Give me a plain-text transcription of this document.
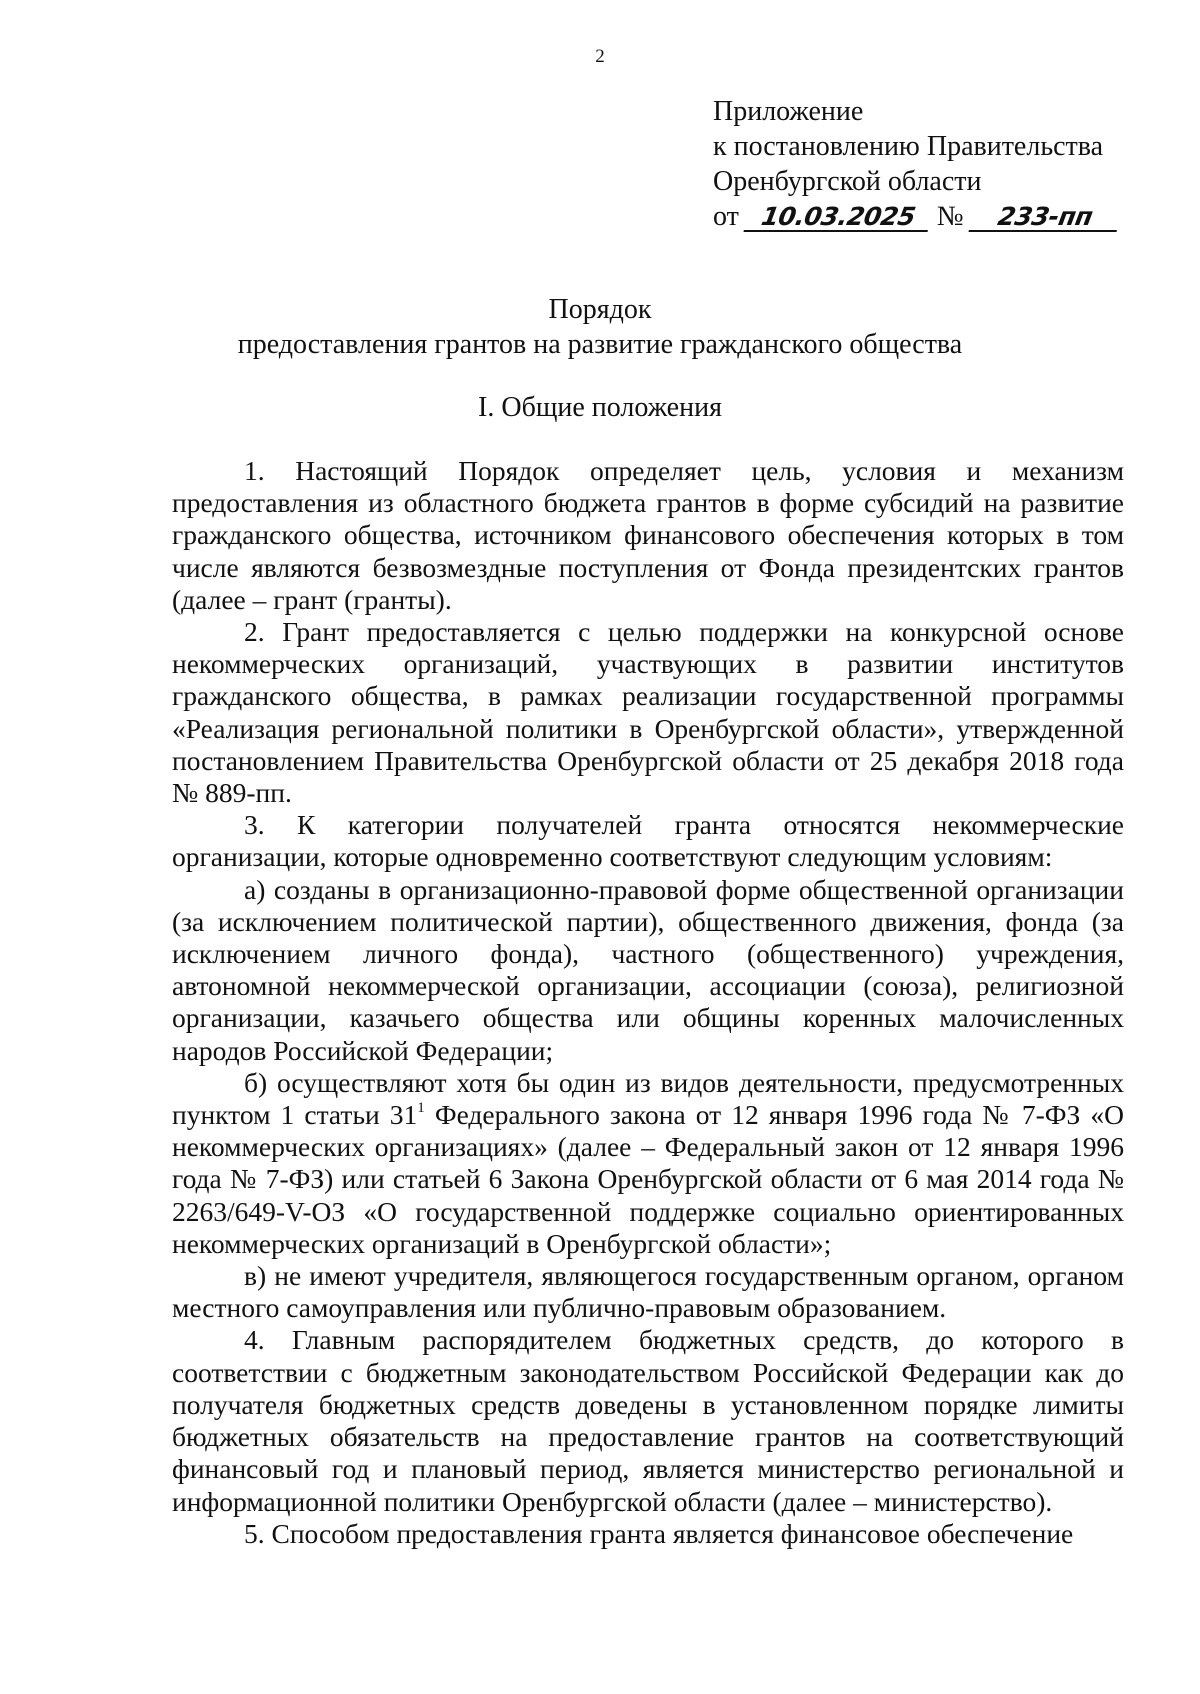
2
Приложение
к постановлению Правительства
Оренбургской области
от 10.03.2025 № 233-пп
Порядок
предоставления грантов на развитие гражданского общества
I. Общие положения

1. Настоящий Порядок определяет цель, условия и механизм предоставления из областного бюджета грантов в форме субсидий на развитие гражданского общества, источником финансового обеспечения которых в том числе являются безвозмездные поступления от Фонда президентских грантов (далее – грант (гранты).

2. Грант предоставляется с целью поддержки на конкурсной основе некоммерческих организаций, участвующих в развитии институтов гражданского общества, в рамках реализации государственной программы «Реализация региональной политики в Оренбургской области», утвержденной постановлением Правительства Оренбургской области от 25 декабря 2018 года № 889-пп.

3. К категории получателей гранта относятся некоммерческие организации, которые одновременно соответствуют следующим условиям:

а) созданы в организационно-правовой форме общественной организации (за исключением политической партии), общественного движения, фонда (за исключением личного фонда), частного (общественного) учреждения, автономной некоммерческой организации, ассоциации (союза), религиозной организации, казачьего общества или общины коренных малочисленных народов Российской Федерации;

б) осуществляют хотя бы один из видов деятельности, предусмотренных пунктом 1 статьи $31^1$ Федерального закона от 12 января 1996 года № 7-ФЗ «О некоммерческих организациях» (далее – Федеральный закон от 12 января 1996 года № 7-ФЗ) или статьей 6 Закона Оренбургской области от 6 мая 2014 года № 2263/649-V-ОЗ «О государственной поддержке социально ориентированных некоммерческих организаций в Оренбургской области»;

в) не имеют учредителя, являющегося государственным органом, органом местного самоуправления или публично-правовым образованием.

4. Главным распорядителем бюджетных средств, до которого в соответствии с бюджетным законодательством Российской Федерации как до получателя бюджетных средств доведены в установленном порядке лимиты бюджетных обязательств на предоставление грантов на соответствующий финансовый год и плановый период, является министерство региональной и информационной политики Оренбургской области (далее – министерство).

5. Способом предоставления гранта является финансовое обеспечение
